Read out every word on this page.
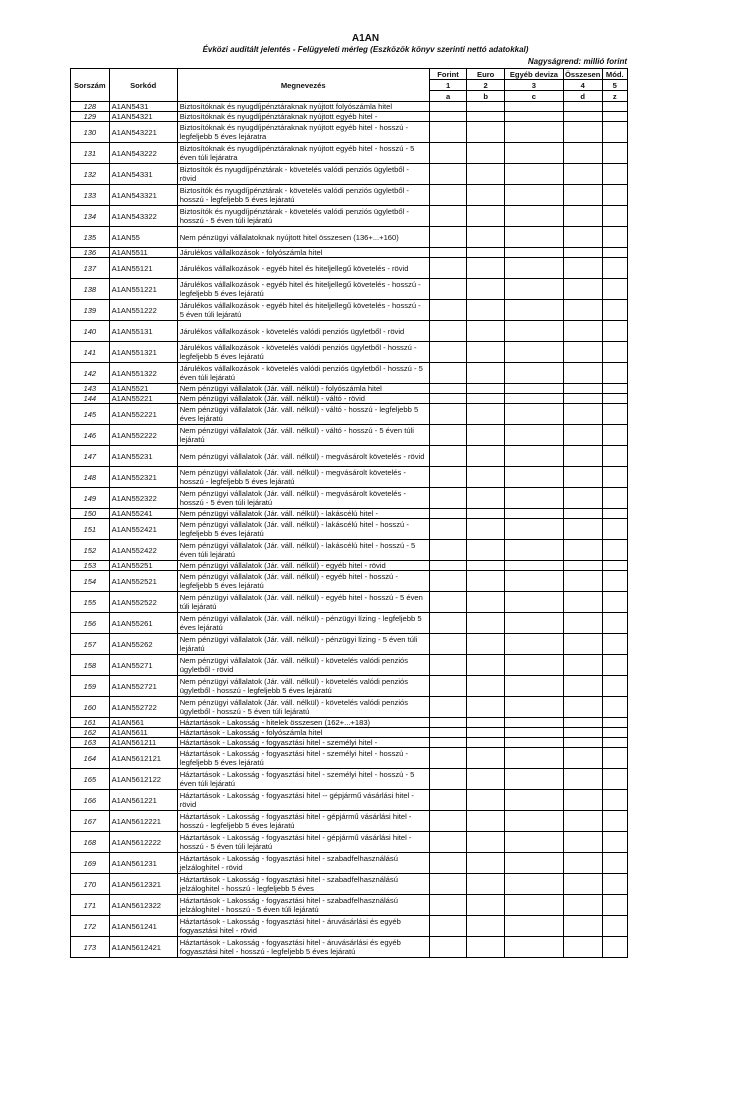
A1AN
Évközi auditált jelentés - Felügyeleti mérleg (Eszközök könyv szerinti nettó adatokkal)
Nagyságrend: millió forint
Sorszám	Sorkód	Megnevezés	Forint	Euro	Egyéb deviza	Összesen	Mód.
			1	2	3	4	5
			a	b	c	d	z
128	A1AN5431	Biztosítóknak és nyugdíjpénztáraknak nyújtott folyószámla hitel					
129	A1AN54321	Biztosítóknak és nyugdíjpénztáraknak nyújtott egyéb hitel -					
130	A1AN543221	Biztosítóknak és nyugdíjpénztáraknak nyújtott egyéb hitel - hosszú - legfeljebb 5 éves lejáratra					
131	A1AN543222	Biztosítóknak és nyugdíjpénztáraknak nyújtott egyéb hitel - hosszú - 5 éven túli lejáratra					
132	A1AN54331	Biztosítók és nyugdíjpénztárak - követelés valódi penziós ügyletből - rövid					
133	A1AN543321	Biztosítók és nyugdíjpénztárak - követelés valódi penziós ügyletből - hosszú - legfeljebb 5 éves lejáratú					
134	A1AN543322	Biztosítók és nyugdíjpénztárak - követelés valódi penziós ügyletből - hosszú - 5 éven túli lejáratú					
135	A1AN55	Nem pénzügyi vállalatoknak nyújtott hitel összesen (136+...+160)					
136	A1AN5511	Járulékos vállalkozások - folyószámla hitel					
137	A1AN55121	Járulékos vállalkozások - egyéb hitel és hiteljellegű követelés - rövid					
138	A1AN551221	Járulékos vállalkozások - egyéb hitel és hiteljellegű követelés - hosszú - legfeljebb 5 éves lejáratú					
139	A1AN551222	Járulékos vállalkozások - egyéb hitel és hiteljellegű követelés - hosszú - 5 éven túli lejáratú					
140	A1AN55131	Járulékos vállalkozások - követelés valódi penziós ügyletből - rövid					
141	A1AN551321	Járulékos vállalkozások - követelés valódi penziós ügyletből - hosszú - legfeljebb 5 éves lejáratú					
142	A1AN551322	Járulékos vállalkozások - követelés valódi penziós ügyletből - hosszú - 5 éven túli lejáratú					
143	A1AN5521	Nem pénzügyi vállalatok (Jár. váll. nélkül) - folyószámla hitel					
144	A1AN55221	Nem pénzügyi vállalatok (Jár. váll. nélkül) - váltó - rövid					
145	A1AN552221	Nem pénzügyi vállalatok (Jár. váll. nélkül) - váltó - hosszú - legfeljebb 5 éves lejáratú					
146	A1AN552222	Nem pénzügyi vállalatok (Jár. váll. nélkül) - váltó - hosszú - 5 éven túli lejáratú					
147	A1AN55231	Nem pénzügyi vállalatok (Jár. váll. nélkül) - megvásárolt követelés - rövid					
148	A1AN552321	Nem pénzügyi vállalatok (Jár. váll. nélkül) - megvásárolt követelés - hosszú - legfeljebb 5 éves lejáratú					
149	A1AN552322	Nem pénzügyi vállalatok (Jár. váll. nélkül) - megvásárolt követelés - hosszú - 5 éven túli lejáratú					
150	A1AN55241	Nem pénzügyi vállalatok (Jár. váll. nélkül) - lakáscélú hitel -					
151	A1AN552421	Nem pénzügyi vállalatok (Jár. váll. nélkül) - lakáscélú hitel - hosszú - legfeljebb 5 éves lejáratú					
152	A1AN552422	Nem pénzügyi vállalatok (Jár. váll. nélkül) - lakáscélú hitel - hosszú - 5 éven túli lejáratú					
153	A1AN55251	Nem pénzügyi vállalatok (Jár. váll. nélkül) - egyéb hitel - rövid					
154	A1AN552521	Nem pénzügyi vállalatok (Jár. váll. nélkül) - egyéb hitel - hosszú - legfeljebb 5 éves lejáratú					
155	A1AN552522	Nem pénzügyi vállalatok (Jár. váll. nélkül) - egyéb hitel - hosszú - 5 éven túli lejáratú					
156	A1AN55261	Nem pénzügyi vállalatok (Jár. váll. nélkül) - pénzügyi lízing - legfeljebb 5 éves lejáratú					
157	A1AN55262	Nem pénzügyi vállalatok (Jár. váll. nélkül) - pénzügyi lízing - 5 éven túli lejáratú					
158	A1AN55271	Nem pénzügyi vállalatok (Jár. váll. nélkül) - követelés valódi penziós ügyletből - rövid					
159	A1AN552721	Nem pénzügyi vállalatok (Jár. váll. nélkül) - követelés valódi penziós ügyletből - hosszú - legfeljebb 5 éves lejáratú					
160	A1AN552722	Nem pénzügyi vállalatok (Jár. váll. nélkül) - követelés valódi penziós ügyletből - hosszú - 5 éven túli lejáratú					
161	A1AN561	Háztartások - Lakosság - hitelek összesen (162+...+183)					
162	A1AN5611	Háztartások - Lakosság - folyószámla hitel					
163	A1AN561211	Háztartások - Lakosság - fogyasztási hitel - személyi hitel -					
164	A1AN5612121	Háztartások - Lakosság - fogyasztási hitel - személyi hitel - hosszú - legfeljebb 5 éves lejáratú					
165	A1AN5612122	Háztartások - Lakosság - fogyasztási hitel - személyi hitel - hosszú - 5 éven túli lejáratú					
166	A1AN561221	Háztartások - Lakosság - fogyasztási hitel -- gépjármű vásárlási hitel - rövid					
167	A1AN5612221	Háztartások - Lakosság - fogyasztási hitel - gépjármű vásárlási hitel - hosszú - legfeljebb 5 éves lejáratú					
168	A1AN5612222	Háztartások - Lakosság - fogyasztási hitel - gépjármű vásárlási hitel - hosszú - 5 éven túli lejáratú					
169	A1AN561231	Háztartások - Lakosság - fogyasztási hitel - szabadfelhasználású jelzáloghitel - rövid					
170	A1AN5612321	Háztartások - Lakosság - fogyasztási hitel - szabadfelhasználású jelzáloghitel - hosszú - legfeljebb 5 éves					
171	A1AN5612322	Háztartások - Lakosság - fogyasztási hitel - szabadfelhasználású jelzáloghitel - hosszú - 5 éven túli lejáratú					
172	A1AN561241	Háztartások - Lakosság - fogyasztási hitel - áruvásárlási és egyéb fogyasztási hitel - rövid					
173	A1AN5612421	Háztartások - Lakosság - fogyasztási hitel - áruvásárlási és egyéb fogyasztási hitel - hosszú - legfeljebb 5 éves lejáratú					
